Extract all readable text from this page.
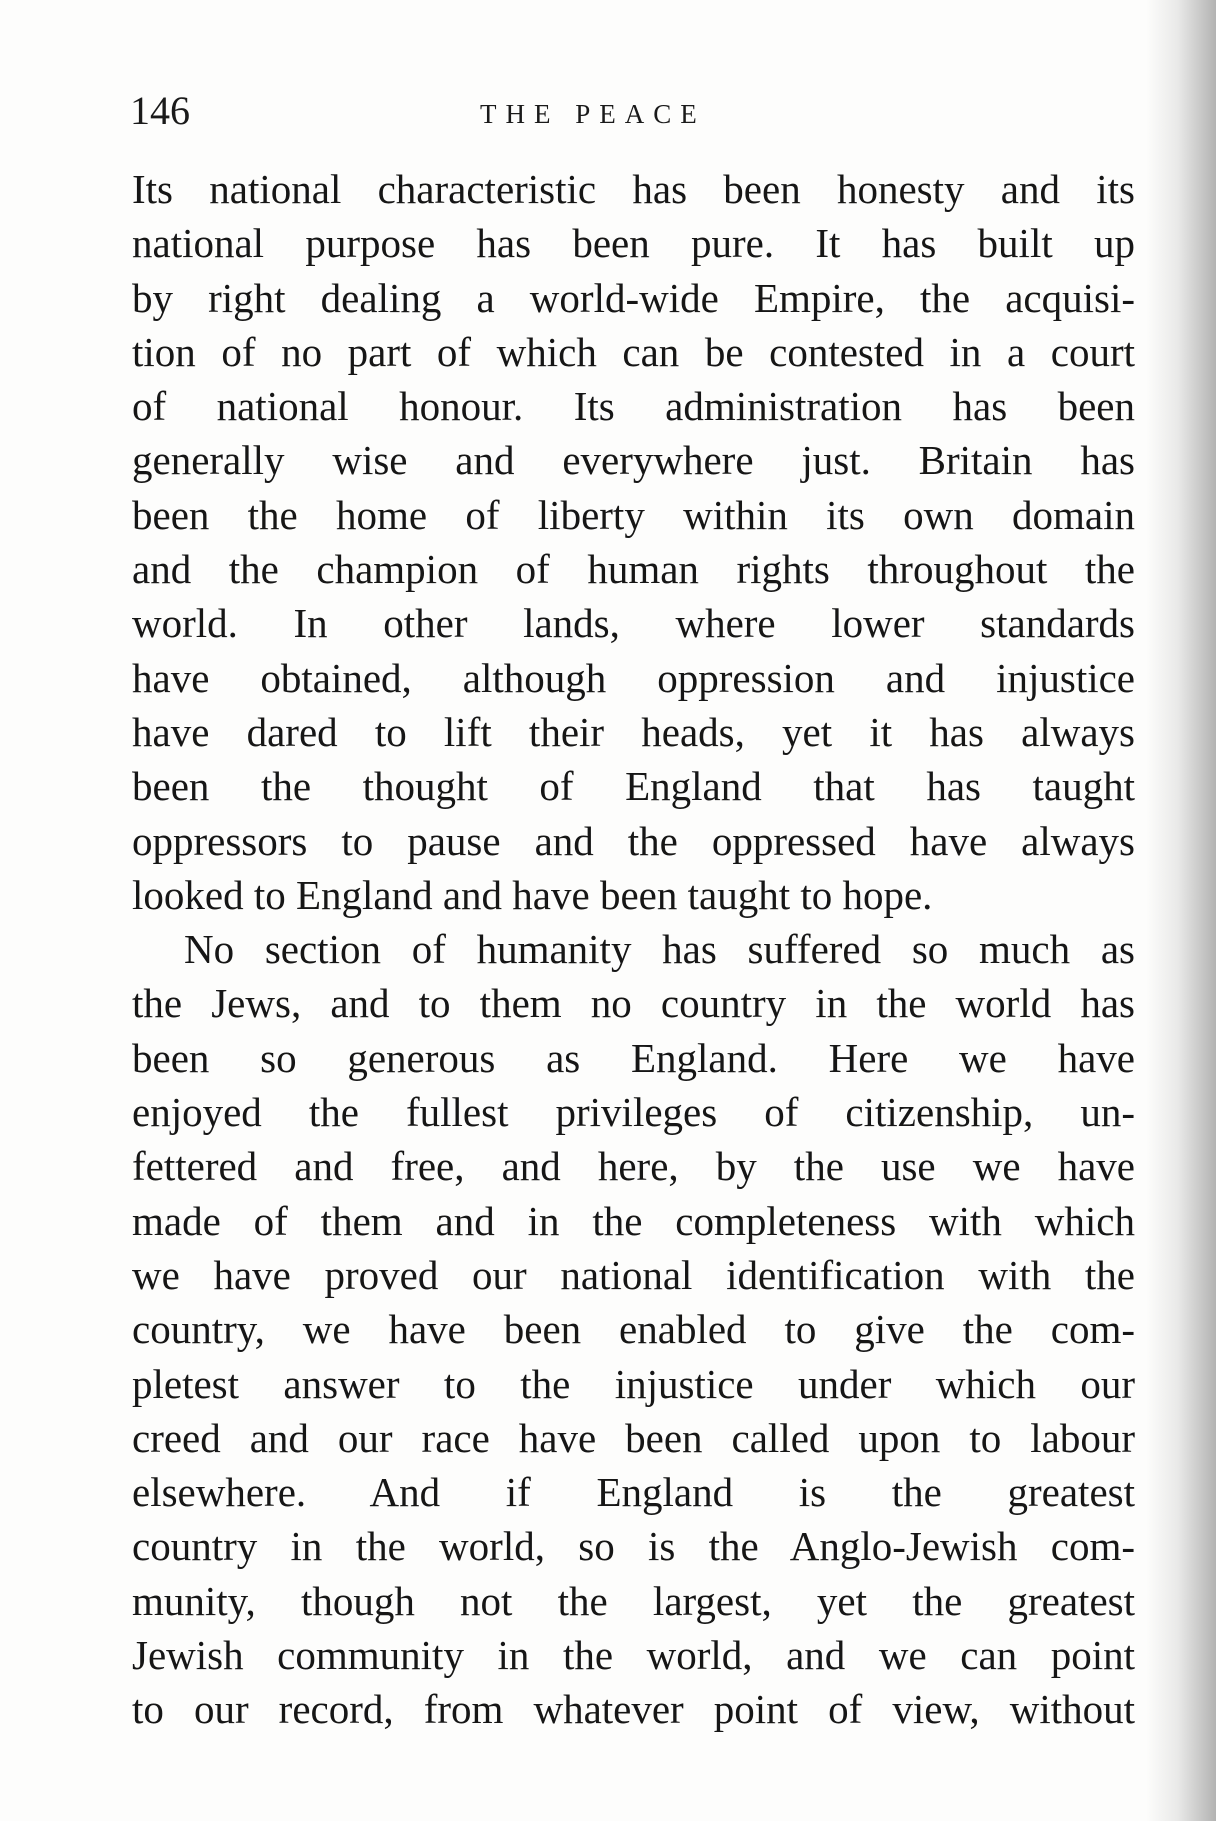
146	THE PEACE
Its national characteristic has been honesty and its
national purpose has been pure. It has built up
by right dealing a world-wide Empire, the acquisi-
tion of no part of which can be contested in a court
of national honour. Its administration has been
generally wise and everywhere just. Britain has
been the home of liberty within its own domain
and the champion of human rights throughout the
world. In other lands, where lower standards
have obtained, although oppression and injustice
have dared to lift their heads, yet it has always
been the thought of England that has taught
oppressors to pause and the oppressed have always
looked to England and have been taught to hope.
No section of humanity has suffered so much as
the Jews, and to them no country in the world has
been so generous as England. Here we have
enjoyed the fullest privileges of citizenship, un-
fettered and free, and here, by the use we have
made of them and in the completeness with which
we have proved our national identification with the
country, we have been enabled to give the com-
pletest answer to the injustice under which our
creed and our race have been called upon to labour
elsewhere. And if England is the greatest
country in the world, so is the Anglo-Jewish com-
munity, though not the largest, yet the greatest
Jewish community in the world, and we can point
to our record, from whatever point of view, without
